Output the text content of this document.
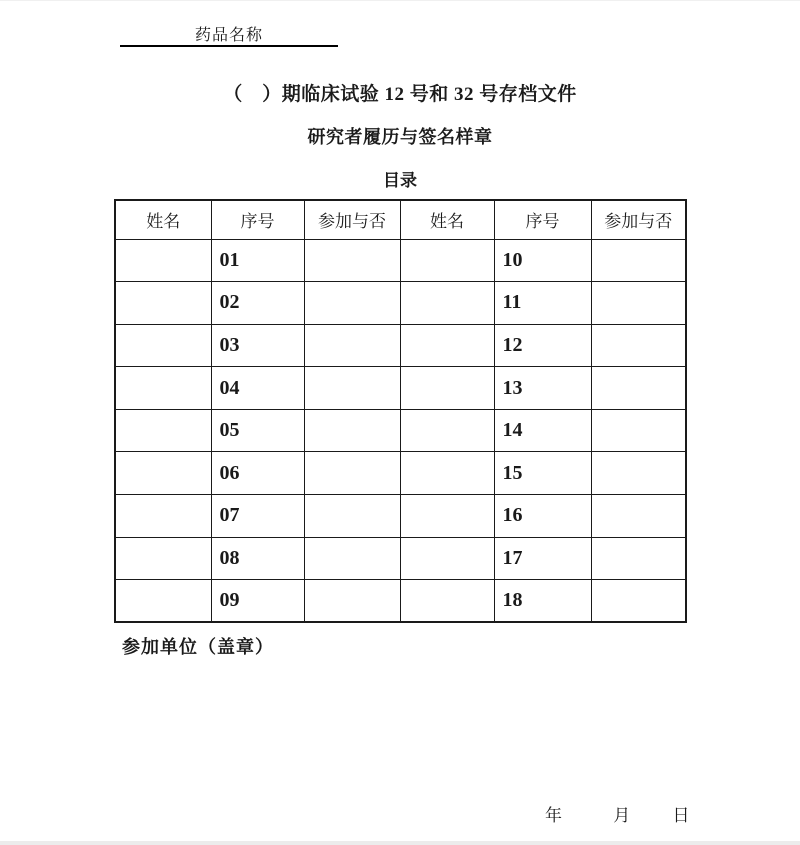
药品名称
（　）期临床试验 12 号和 32 号存档文件
研究者履历与签名样章
目录
姓名	序号	参加与否	姓名	序号	参加与否
	01			10	
	02			11	
	03			12	
	04			13	
	05			14	
	06			15	
	07			16	
	08			17	
	09			18	
参加单位（盖章）
年	月 日
